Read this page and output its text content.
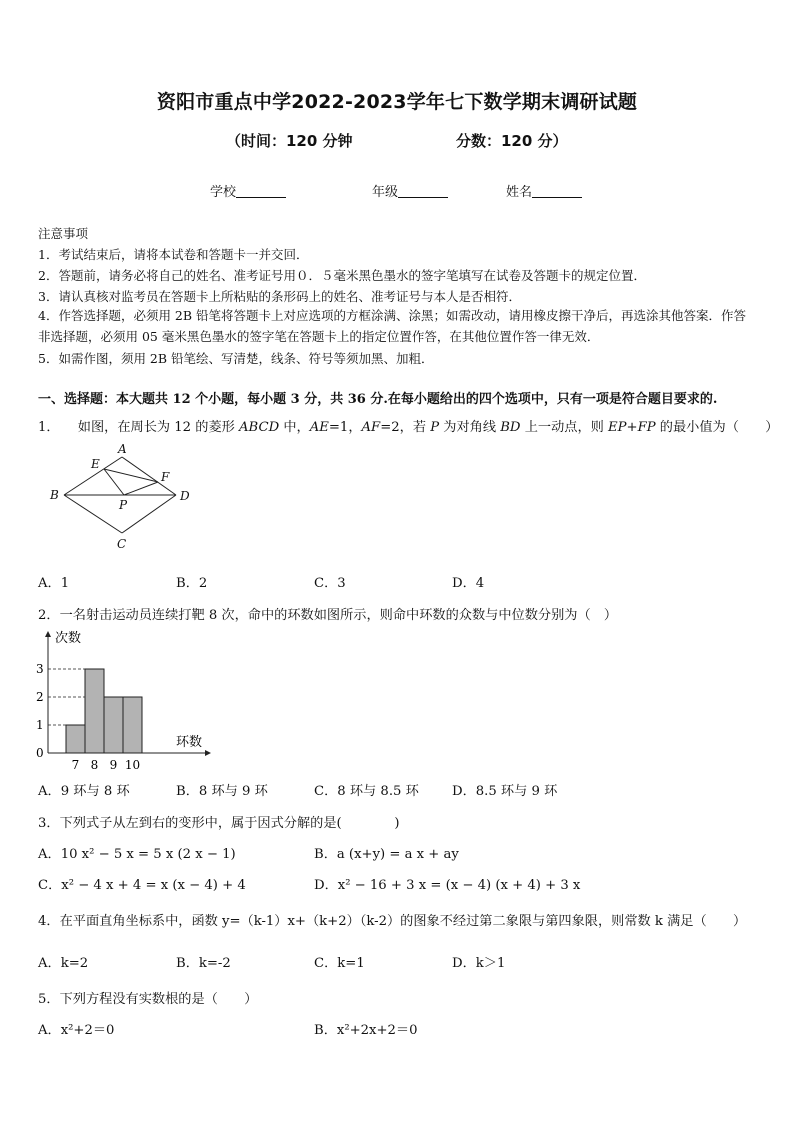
资阳市重点中学2022-2023学年七下数学期末调研试题
（时间：120 分钟	分数：120 分）
学校	年级	姓名
注意事项
1．考试结束后，请将本试卷和答题卡一并交回．
2．答题前，请务必将自己的姓名、准考证号用０．５毫米黑色墨水的签字笔填写在试卷及答题卡的规定位置．
3．请认真核对监考员在答题卡上所粘贴的条形码上的姓名、准考证号与本人是否相符．
4．作答选择题，必须用 2B 铅笔将答题卡上对应选项的方框涂满、涂黑；如需改动，请用橡皮擦干净后，再选涂其他答案．作答非选择题，必须用 05 毫米黑色墨水的签字笔在答题卡上的指定位置作答，在其他位置作答一律无效．
5．如需作图，须用 2B 铅笔绘、写清楚，线条、符号等须加黑、加粗．
一、选择题：本大题共 12 个小题，每小题 3 分，共 36 分.在每小题给出的四个选项中，只有一项是符合题目要求的.
1． 如图，在周长为 12 的菱形 ABCD 中，AE=1，AF=2，若 P 为对角线 BD 上一动点，则 EP+FP 的最小值为（　　）
A
B
C
D
E
F
P
A．1	B．2	C．3	D．4
2．一名射击运动员连续打靶 8 次，命中的环数如图所示，则命中环数的众数与中位数分别为（　）
次数
环数
0
1
2
3
7 8 9 10
A．9 环与 8 环	B．8 环与 9 环	C．8 环与 8.5 环	D．8.5 环与 9 环
3．下列式子从左到右的变形中，属于因式分解的是(　　　　)
A．10 x² − 5 x = 5 x (2 x − 1)	B．a (x+y) = a x + ay
C．x² − 4 x + 4 = x (x − 4) + 4	D．x² − 16 + 3 x = (x − 4) (x + 4) + 3 x
4．在平面直角坐标系中，函数 y=（k-1）x+（k+2）（k-2）的图象不经过第二象限与第四象限，则常数 k 满足（　　）
A．k=2	B．k=-2	C．k=1	D．k＞1
5．下列方程没有实数根的是（　　）
A．x²+2＝0	B．x²+2x+2＝0
